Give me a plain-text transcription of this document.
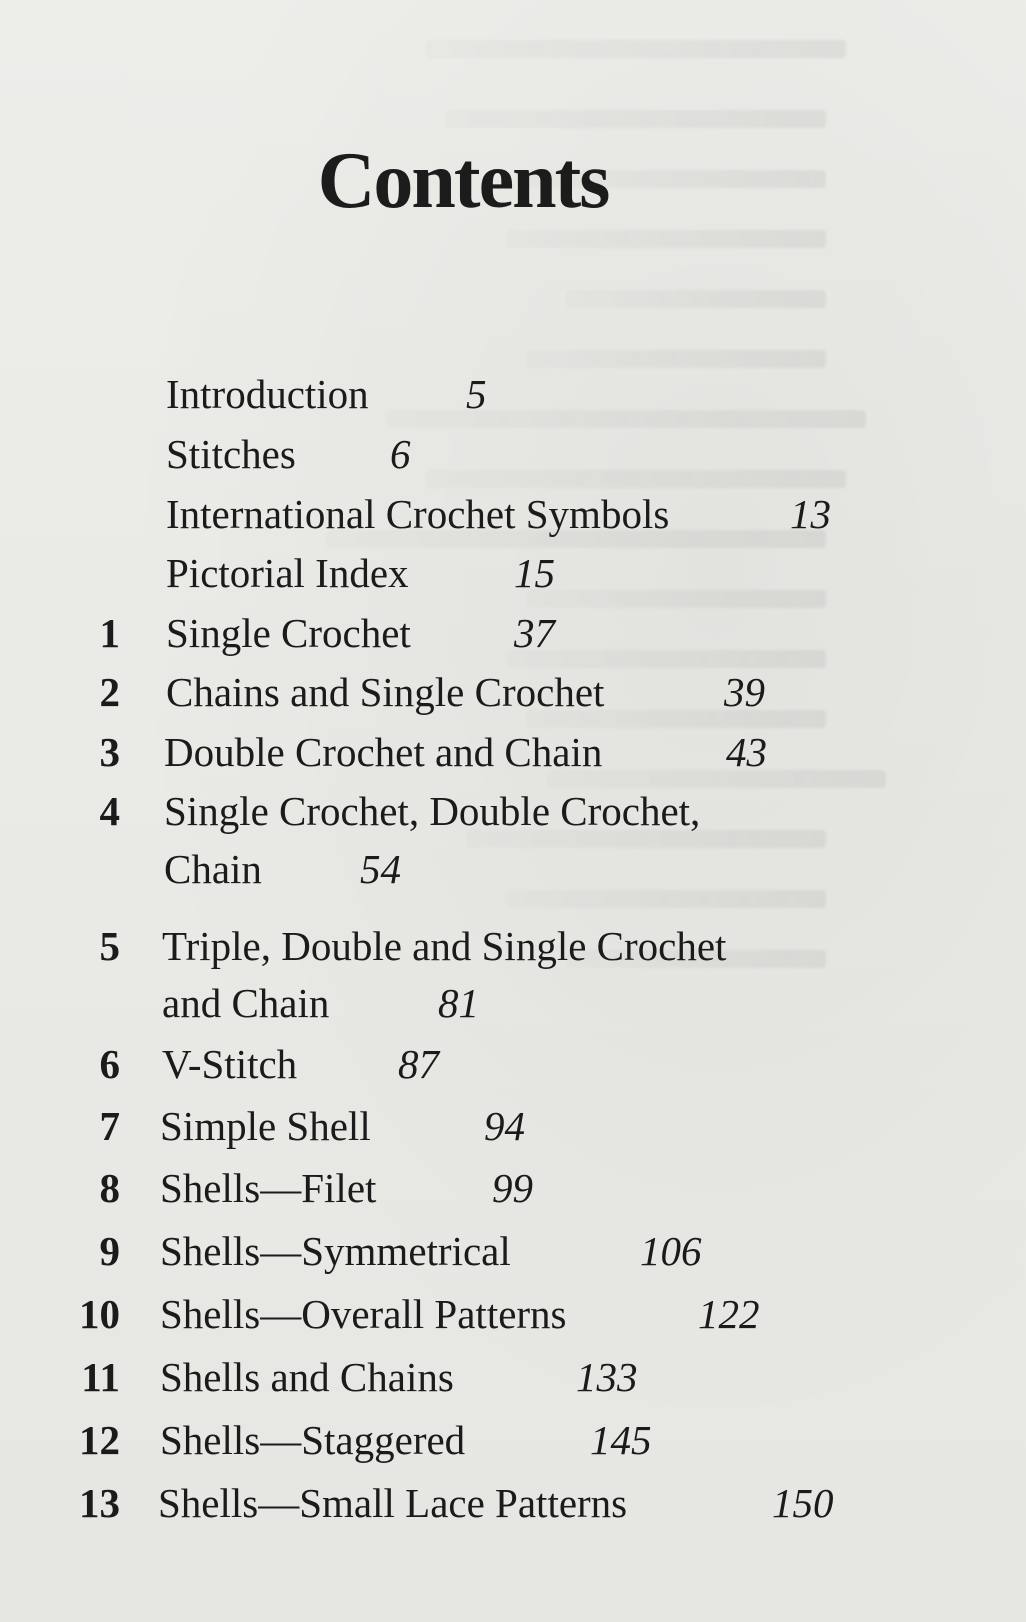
Contents
Introduction 5
Stitches 6
International Crochet Symbols	13
Pictorial Index	15
1 Single Crochet	37
2 Chains and Single Crochet	39
3 Double Crochet and Chain	43
4 Single Crochet, Double Crochet,
Chain 54
5 Triple, Double and Single Crochet
and Chain	81
6 V-Stitch 87
7 Simple Shell	94
8 Shells—Filet	99
9 Shells—Symmetrical	106
10 Shells—Overall Patterns	122
11 Shells and Chains	133
12 Shells—Staggered	145
13 Shells—Small Lace Patterns	150
